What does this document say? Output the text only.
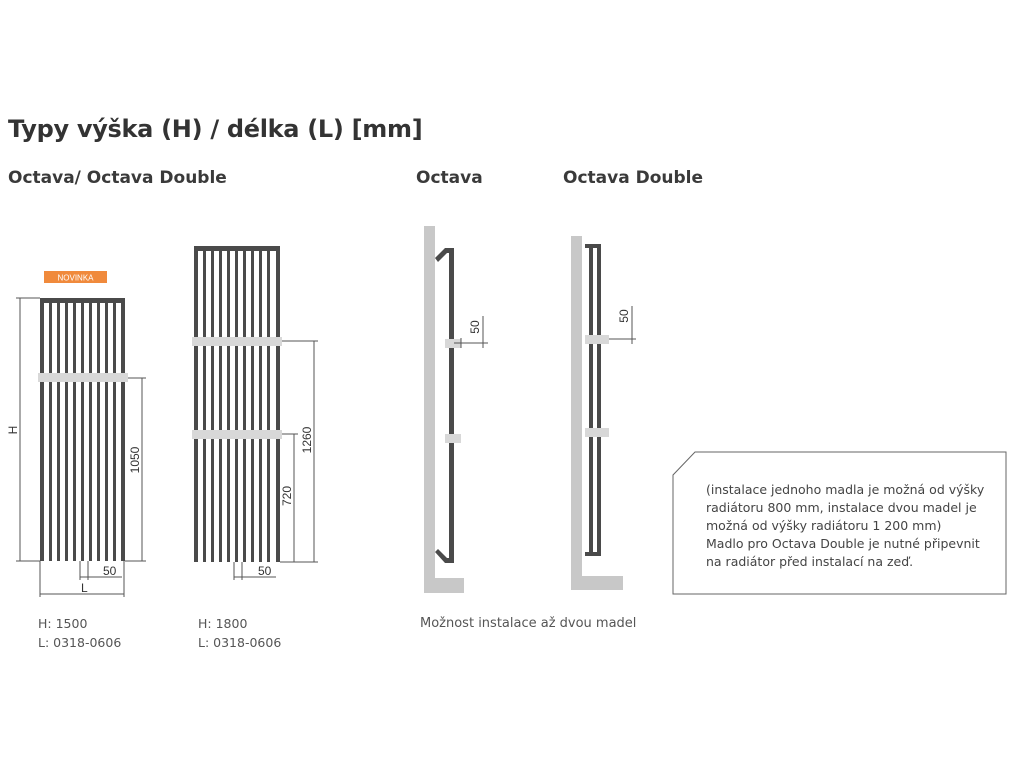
Typy výška (H) / délka (L) [mm]
Octava/ Octava Double	Octava	Octava Double
NOVINKA
H
1050
50
L
1260
720
50
50
50
(instalace jednoho madla je možná od výšky
radiátoru 800 mm, instalace dvou madel je
možná od výšky radiátoru 1 200 mm)
Madlo pro Octava Double je nutné připevnit
na radiátor před instalací na zeď.
H: 1500
L: 0318-0606
H: 1800
L: 0318-0606
Možnost instalace až dvou madel
